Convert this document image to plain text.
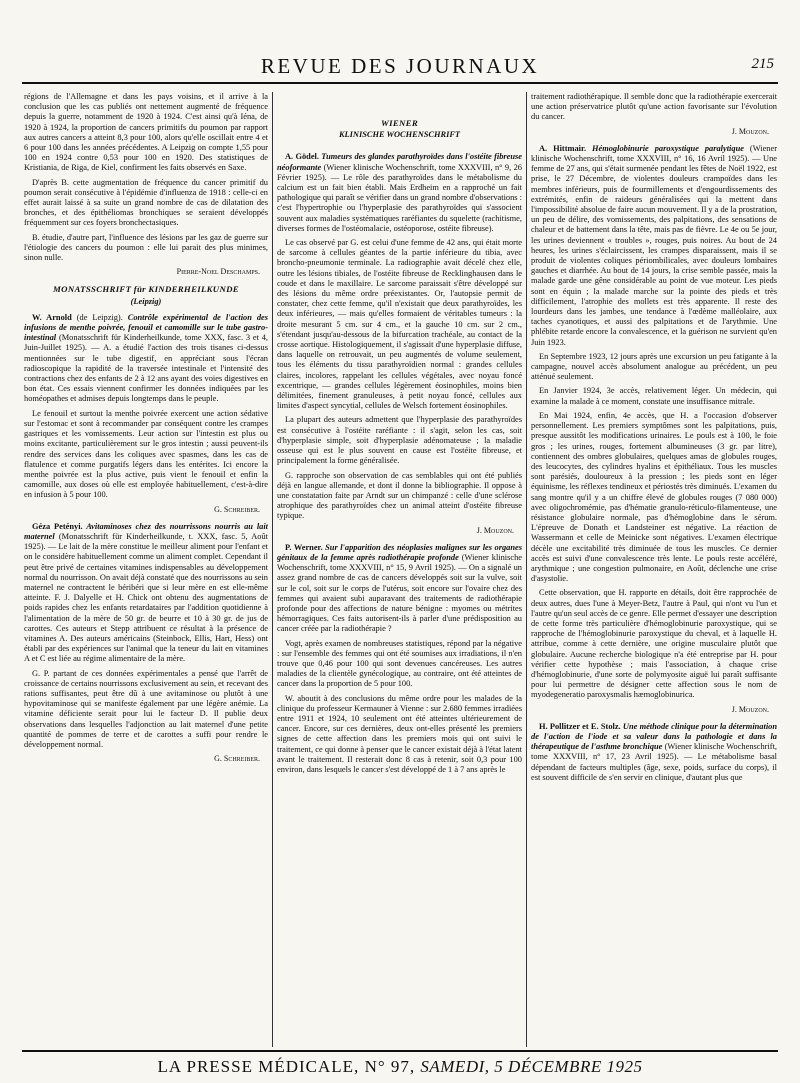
REVUE DES JOURNAUX	215

régions de l'Allemagne et dans les pays voisins, et il arrive à la conclusion que les cas publiés ont nettement augmenté de fréquence depuis la guerre, notamment de 1920 à 1924. C'est ainsi qu'à Iéna, de 1920 à 1924, la proportion de cancers primitifs du poumon par rapport aux autres cancers a atteint 8,3 pour 100, alors qu'elle oscillait entre 4 et 6 pour 100 dans les années précédentes. A Leipzig on compte 1,55 pour 100 en 1924 contre 0,53 pour 100 en 1920. Des statistiques de Kristiania, de Riga, de Kiel, confirment les faits observés en Saxe.

D'après B. cette augmentation de fréquence du cancer primitif du poumon serait consécutive à l'épidémie d'influenza de 1918 : celle-ci en effet aurait laissé à sa suite un grand nombre de cas de dilatation des bronches, et des épithéliomas bronchiques se seraient développés fréquemment sur ces foyers bronchectasiques.

B. étudie, d'autre part, l'influence des lésions par les gaz de guerre sur l'étiologie des cancers du poumon : elle lui parait des plus minimes, sinon nulle.

Pierre-Noel Deschamps.
MONATSSCHRIFT für KINDERHEILKUNDE
(Leipzig)

W. Arnold (de Leipzig). Contrôle expérimental de l'action des infusions de menthe poivrée, fenouil et camomille sur le tube gastro-intestinal (Monatsschrift für Kinderheilkunde, tome XXX, fasc. 3 et 4, Juin-Juillet 1925). — A. a étudié l'action des trois tisanes ci-dessus mentionnées sur le tube digestif, en appréciant sous l'écran radioscopique la rapidité de la traversée intestinale et l'intensité des contractions chez des enfants de 2 à 12 ans ayant des voies digestives en bon état. Ces essais viennent confirmer les données indiquées par les homéopathes et admises depuis longtemps dans le peuple.

Le fenouil et surtout la menthe poivrée exercent une action sédative sur l'estomac et sont à recommander par conséquent contre les crampes gastriques et les vomissements. Leur action sur l'intestin est plus ou moins excitante, particulièrement sur le gros intestin ; aussi peuvent-ils rendre des services dans les coliques avec spasmes, dans les cas de flatulence et comme purgatifs légers dans les entérites. Ici encore la menthe poivrée est la plus active, puis vient le fenouil et enfin la camomille, aux doses où elle est employée habituellement, c'est-à-dire en infusion à 5 pour 100.

G. Schreiber.

Géza Petényi. Avitaminoses chez des nourrissons nourris au lait maternel (Monatsschrift für Kinderheilkunde, t. XXX, fasc. 5, Août 1925). — Le lait de la mère constitue le meilleur aliment pour l'enfant et on le considère habituellement comme un aliment complet. Cependant il peut être privé de certaines vitamines indispensables au développement normal du nourrisson. On avait déjà constaté que des nourrissons au sein maternel ne contractent le béribéri que si leur mère en est elle-même atteinte. F. J. Dalyelle et H. Chick ont obtenu des augmentations de poids rapides chez les enfants retardataires par l'addition quotidienne à l'alimentation de la mère de 50 gr. de beurre et 10 à 30 gr. de jus de carottes. Ces auteurs et Stepp attribuent ce résultat à la présence de vitamines A. Des auteurs américains (Steinbock, Ellis, Hart, Hess) ont établi par des expériences sur l'animal que la teneur du lait en vitamines A et C est liée au régime alimentaire de la mère.

G. P. partant de ces données expérimentales a pensé que l'arrêt de croissance de certains nourrissons exclusivement au sein, et recevant des rations suffisantes, peut être dû à une avitaminose ou plutôt à une hypovitaminose qui se manifeste également par une légère anémie. La vitamine déficiente serait pour lui le facteur D. Il publie deux observations dans lesquelles l'adjonction au lait maternel d'une petite quantité de pommes de terre et de carottes a suffi pour rendre le développement normal.

G. Schreiber.
WIENER
KLINISCHE WOCHENSCHRIFT

A. Gödel. Tumeurs des glandes parathyroïdes dans l'ostéite fibreuse néoformante (Wiener klinische Wochenschrift, tome XXXVIII, n° 9, 26 Février 1925). — Le rôle des parathyroïdes dans le métabolisme du calcium est un fait bien établi. Mais Erdheim en a rapproché un fait pathologique qui paraît se vérifier dans un grand nombre d'observations : c'est l'hypertrophie ou l'hyperplasie des parathyroïdes qui s'associent souvent aux maladies systématiques raréfiantes du squelette (rachitisme, diverses formes de l'ostéomalacie, ostéoporose, ostéite fibreuse).

Le cas observé par G. est celui d'une femme de 42 ans, qui était morte de sarcome à cellules géantes de la partie inférieure du tibia, avec broncho-pneumonie terminale. La radiographie avait décelé chez elle, outre les lésions tibiales, de l'ostéite fibreuse de Recklinghausen dans le coude et dans le maxillaire. Le sarcome paraissait s'être développé sur des lésions du même ordre préexistantes. Or, l'autopsie permit de constater, chez cette femme, qu'il n'existait que deux parathyroïdes, les deux inférieures, — mais qu'elles formaient de véritables tumeurs : la droite mesurant 5 cm. sur 4 cm., et la gauche 10 cm. sur 2 cm., s'étendant jusqu'au-dessous de la bifurcation trachéale, au contact de la crosse aortique. Histologiquement, il s'agissait d'une hyperplasie diffuse, dans laquelle on retrouvait, un peu augmentés de volume seulement, tous les éléments du tissu parathyroïdien normal : grandes cellules claires, incolores, rappelant les cellules végétales, avec noyau foncé excentrique, — grandes cellules légèrement éosinophiles, moins bien délimitées, finement granuleuses, à petit noyau foncé, cellules aux limites d'aspect syncytial, cellules de Welsch fortement éosinophiles.

La plupart des auteurs admettent que l'hyperplasie des parathyroïdes est consécutive à l'ostéite raréfiante : il s'agit, selon les cas, soit d'hyperplasie simple, soit d'hyperplasie adénomateuse ; la maladie osseuse qui est le plus souvent en cause est l'ostéite fibreuse, et principalement la forme généralisée.

G. rapproche son observation de cas semblables qui ont été publiés déjà en langue allemande, et dont il donne la bibliographie. Il oppose à une constatation faite par Arndt sur un chimpanzé : celle d'une sclérose atrophique des parathyroïdes chez un animal atteint d'ostéite fibreuse typique.

J. Mouzon.

P. Werner. Sur l'apparition des néoplasies malignes sur les organes génitaux de la femme après radiothérapie profonde (Wiener klinische Wochenschrift, tome XXXVIII, n° 15, 9 Avril 1925). — On a signalé un assez grand nombre de cas de cancers développés soit sur la vulve, soit sur le col, soit sur le corps de l'utérus, soit encore sur l'ovaire chez des femmes qui avaient subi auparavant des traitements de radiothérapie profonde pour des affections de nature bénigne : myomes ou métrites hémorragiques. Ces faits autorisent-ils à parler d'une prédisposition au cancer créée par la radiothérapie ?

Vogt, après examen de nombreuses statistiques, répond par la négative : sur l'ensemble des femmes qui ont été soumises aux irradiations, il n'en trouve que 0,46 pour 100 qui sont devenues cancéreuses. Les autres maladies de la clientèle gynécologique, au contraire, ont été atteintes de cancer dans la proportion de 5 pour 100.

W. aboutit à des conclusions du même ordre pour les malades de la clinique du professeur Kermauner à Vienne : sur 2.680 femmes irradiées entre 1911 et 1924, 10 seulement ont été atteintes ultérieurement de cancer. Encore, sur ces dernières, deux ont-elles présenté les premiers signes de cette affection dans les premiers mois qui ont suivi le traitement, ce qui donne à penser que le cancer existait déjà à l'état latent avant le traitement. Il resterait donc 8 cas à retenir, soit 0,3 pour 100 environ, dans lesquels le cancer s'est développé de 1 à 7 ans après le

traitement radiothérapique. Il semble donc que la radiothérapie exercerait une action préservatrice plutôt qu'une action favorisante sur l'évolution du cancer.

J. Mouzon.

A. Hittmair. Hémoglobinurie paroxystique paralytique (Wiener klinische Wochenschrift, tome XXXVIII, n° 16, 16 Avril 1925). — Une femme de 27 ans, qui s'était surmenée pendant les fêtes de Noël 1922, est prise, le 27 Décembre, de violentes douleurs crampoïdes dans les membres inférieurs, puis de fourmillements et d'engourdissements des extrémités, enfin de raideurs généralisées qui la mettent dans l'impossibilité absolue de faire aucun mouvement. Il y a de la prostration, un peu de délire, des vomissements, des palpitations, des sensations de chaleur et de battement dans la tête, mais pas de fièvre. Le 4e ou 5e jour, les urines deviennent « troubles », rouges, puis noires. Au bout de 24 heures, les urines s'éclaircissent, les crampes disparaissent, mais il se produit de violentes coliques périombilicales, avec douleurs lombaires gauches et diarrhée. Au bout de 14 jours, la crise semble passée, mais la malade garde une gêne considérable au point de vue moteur. Les pieds sont en équin ; la malade marche sur la pointe des pieds et très difficilement, l'atrophie des mollets est très apparente. Il reste des lourdeurs dans les jambes, une tendance à l'œdème malléolaire, aux taches cyanotiques, et aussi des palpitations et de l'arythmie. Une phlébite retarde encore la convalescence, et la guérison ne survient qu'en Juin 1923.

En Septembre 1923, 12 jours après une excursion un peu fatigante à la campagne, nouvel accès absolument analogue au précédent, un peu atténué seulement.

En Janvier 1924, 3e accès, relativement léger. Un médecin, qui examine la malade à ce moment, constate une insuffisance mitrale.

En Mai 1924, enfin, 4e accès, que H. a l'occasion d'observer personnellement. Les premiers symptômes sont les palpitations, puis, presque aussitôt les modifications urinaires. Le pouls est à 100, le foie gros ; les urines, rouges, fortement albumineuses (3 gr. par litre), contiennent des ombres globulaires, quelques amas de globules rouges, des leucocytes, des cylindres hyalins et épithéliaux. Tous les muscles sont parésiés, douloureux à la pression ; les pieds sont en léger équinisme, les réflexes tendineux et périostés très diminués. L'examen du sang montre qu'il y a un chiffre élevé de globules rouges (7 080 000) avec oligochromémie, pas d'hématie granulo-réticulo-filamenteuse, une résistance globulaire normale, pas d'hémoglobine dans le sérum. L'épreuve de Donath et Landsteiner est négative. La réaction de Wassermann et celle de Meinicke sont négatives. L'examen électrique décèle une excitabilité très diminuée de tous les muscles. Ce dernier accès est suivi d'une convalescence très lente. Le pouls reste accéléré, arythmique ; une congestion pulmonaire, en Août, déclenche une crise d'asystolie.

Cette observation, que H. rapporte en détails, doit être rapprochée de deux autres, dues l'une à Meyer-Betz, l'autre à Paul, qui n'ont vu l'un et l'autre qu'un seul accès de ce genre. Elle permet d'essayer une description de cette forme très particulière d'hémoglobinurie paroxystique, qui se rapproche de l'hémoglobinurie paroxystique du cheval, et à laquelle H. attribue, comme à cette dernière, une origine musculaire plutôt que globulaire. Aucune recherche biologique n'a été entreprise par H. pour vérifier cette hypothèse ; mais l'association, à chaque crise d'hémoglobinurie, d'une sorte de polymyosite aiguë lui paraît suffisante pour lui permettre de désigner cette affection sous le nom de myodegeneratio paroxysmalis hæmoglobinurica.

J. Mouzon.

H. Pollitzer et E. Stolz. Une méthode clinique pour la détermination de l'action de l'iode et sa valeur dans la pathologie et dans la thérapeutique de l'asthme bronchique (Wiener klinische Wochenschrift, tome XXXVIII, n° 17, 23 Avril 1925). — Le métabolisme basal dépendant de facteurs multiples (âge, sexe, poids, surface du corps), il est souvent difficile de s'en servir en clinique, d'autant plus que

LA PRESSE MÉDICALE, N° 97, SAMEDI, 5 DÉCEMBRE 1925
